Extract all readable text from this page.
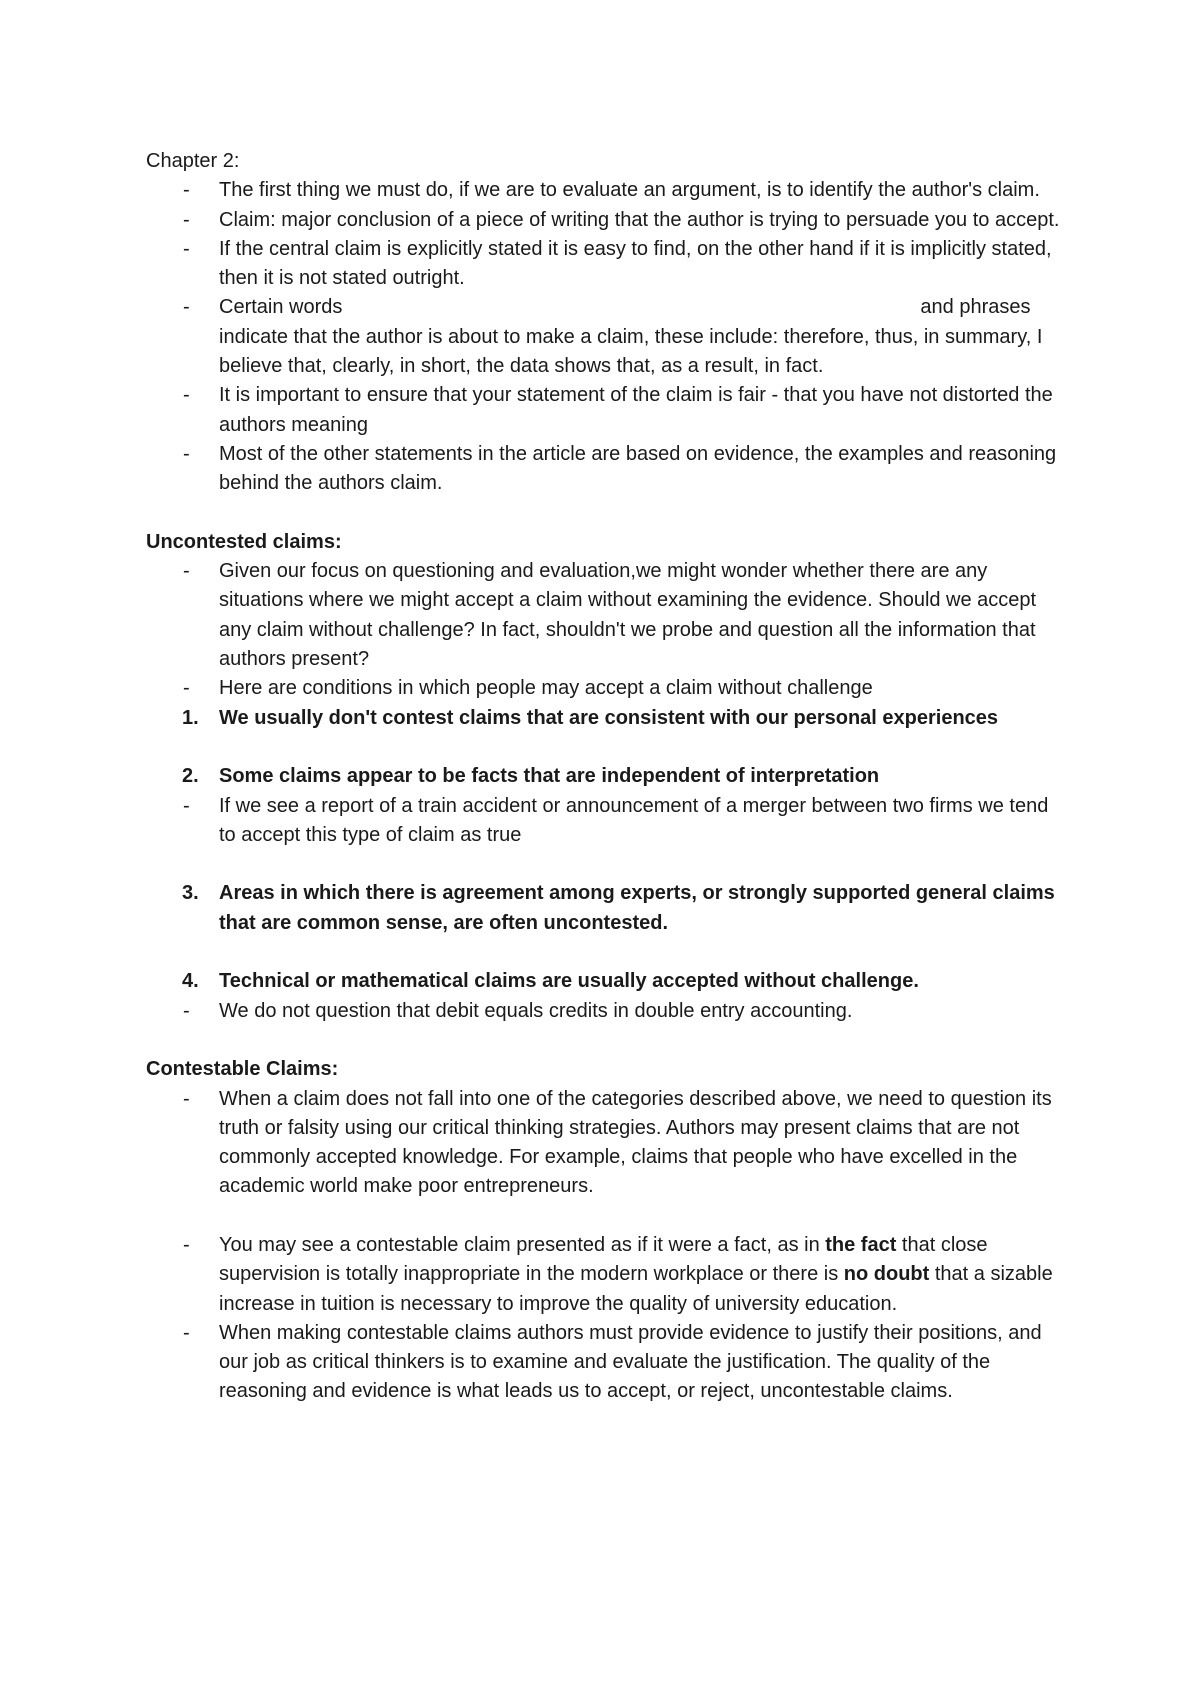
Chapter 2:
- The first thing we must do, if we are to evaluate an argument, is to identify the author's claim.
- Claim: major conclusion of a piece of writing that the author is trying to persuade you to accept.
- If the central claim is explicitly stated it is easy to find, on the other hand if it is implicitly stated, then it is not stated outright.
- Certain words	and phrases indicate that the author is about to make a claim, these include: therefore, thus, in summary, I believe that, clearly, in short, the data shows that, as a result, in fact.
- It is important to ensure that your statement of the claim is fair - that you have not distorted the authors meaning
- Most of the other statements in the article are based on evidence, the examples and reasoning behind the authors claim.
Uncontested claims:
- Given our focus on questioning and evaluation,we might wonder whether there are any situations where we might accept a claim without examining the evidence. Should we accept any claim without challenge? In fact, shouldn't we probe and question all the information that authors present?
- Here are conditions in which people may accept a claim without challenge
1. We usually don't contest claims that are consistent with our personal experiences
2. Some claims appear to be facts that are independent of interpretation
- If we see a report of a train accident or announcement of a merger between two firms we tend to accept this type of claim as true
3. Areas in which there is agreement among experts, or strongly supported general claims that are common sense, are often uncontested.
4. Technical or mathematical claims are usually accepted without challenge.
- We do not question that debit equals credits in double entry accounting.
Contestable Claims:
- When a claim does not fall into one of the categories described above, we need to question its truth or falsity using our critical thinking strategies. Authors may present claims that are not commonly accepted knowledge. For example, claims that people who have excelled in the academic world make poor entrepreneurs.
- You may see a contestable claim presented as if it were a fact, as in the fact that close supervision is totally inappropriate in the modern workplace or there is no doubt that a sizable increase in tuition is necessary to improve the quality of university education.
- When making contestable claims authors must provide evidence to justify their positions, and our job as critical thinkers is to examine and evaluate the justification. The quality of the reasoning and evidence is what leads us to accept, or reject, uncontestable claims.
